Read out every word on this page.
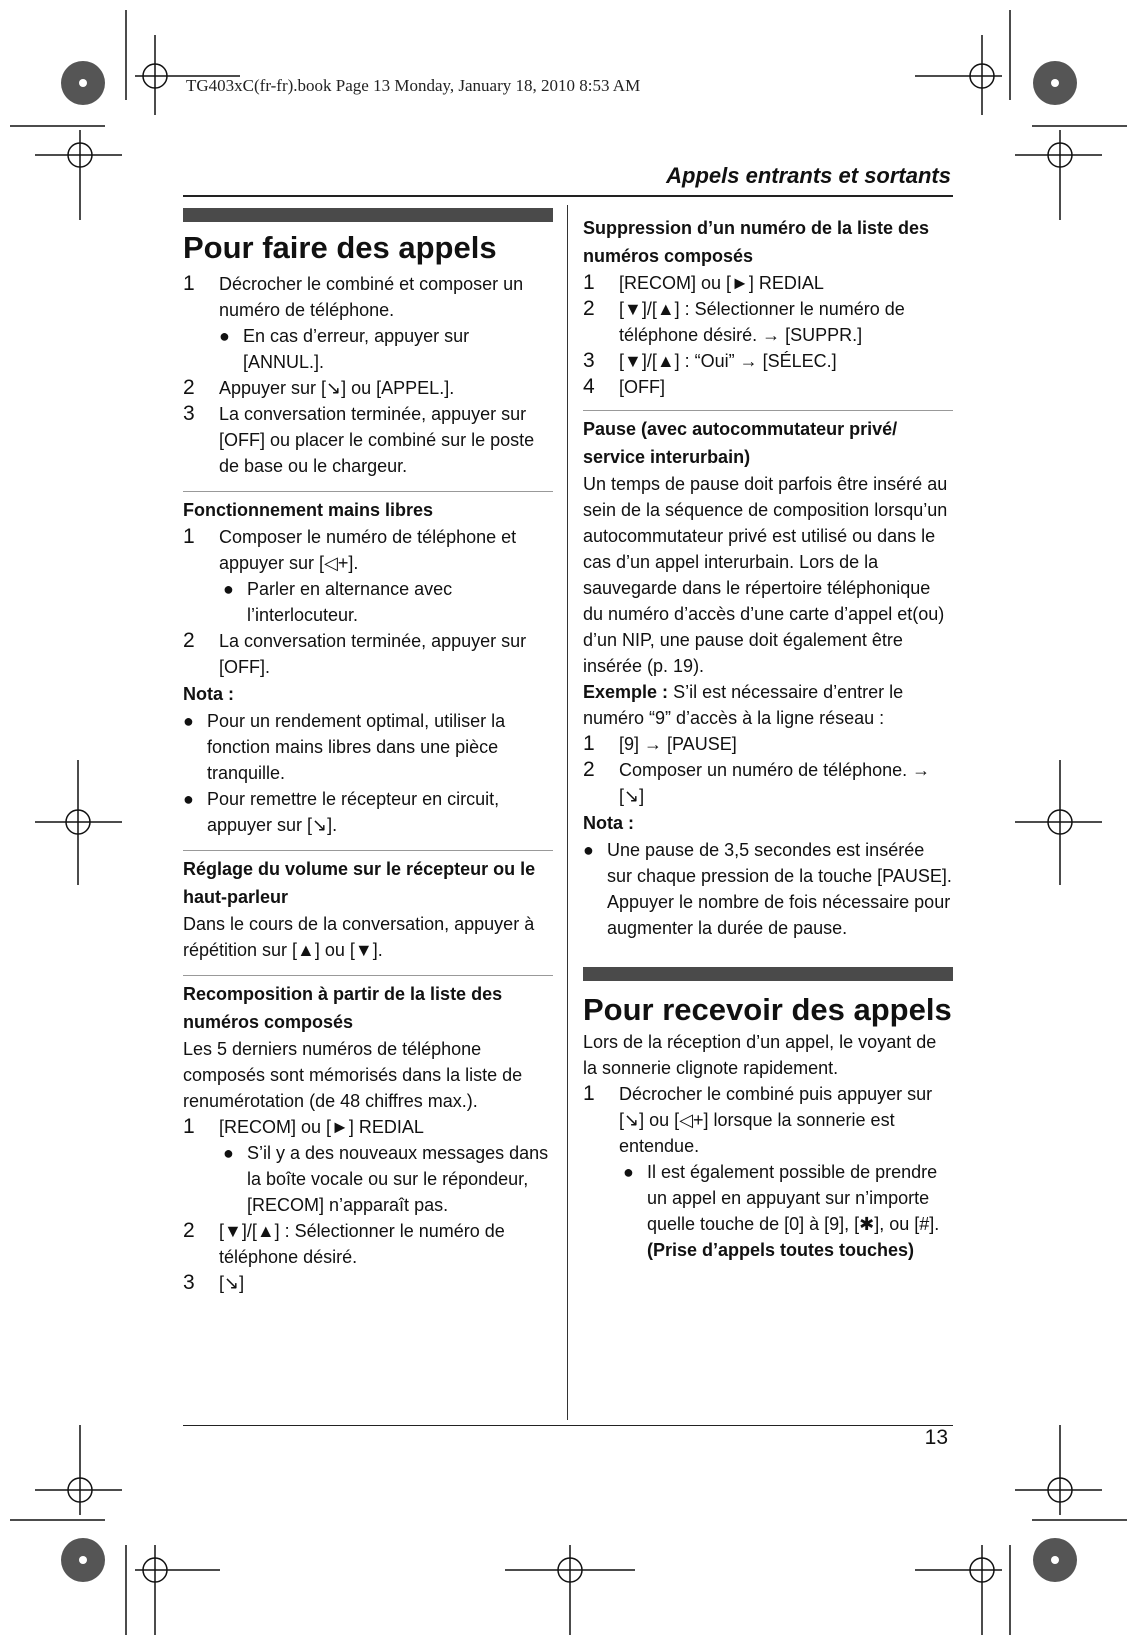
TG403xC(fr-fr).book Page 13 Monday, January 18, 2010 8:53 AM
Appels entrants et sortants
13
Pour faire des appels
1	Décrocher le combiné et composer un numéro de téléphone.
● En cas d’erreur, appuyer sur [ANNUL.].
2	Appuyer sur [↘] ou [APPEL.].
3	La conversation terminée, appuyer sur [OFF] ou placer le combiné sur le poste de base ou le chargeur.
Fonctionnement mains libres
1	Composer le numéro de téléphone et appuyer sur [◁+].
● Parler en alternance avec l’interlocuteur.
2	La conversation terminée, appuyer sur [OFF].
Nota :
● Pour un rendement optimal, utiliser la fonction mains libres dans une pièce tranquille.
● Pour remettre le récepteur en circuit, appuyer sur [↘].
Réglage du volume sur le récepteur ou le haut-parleur

Dans le cours de la conversation, appuyer à répétition sur [▲] ou [▼].

Recomposition à partir de la liste des numéros composés

Les 5 derniers numéros de téléphone composés sont mémorisés dans la liste de renumérotation (de 48 chiffres max.).

1	[RECOM] ou [►] REDIAL
● S’il y a des nouveaux messages dans la boîte vocale ou sur le répondeur, [RECOM] n’apparaît pas.
2	[▼]/[▲] : Sélectionner le numéro de téléphone désiré.
3	[↘]
Suppression d’un numéro de la liste des numéros composés
1	[RECOM] ou [►] REDIAL
2	[▼]/[▲] : Sélectionner le numéro de téléphone désiré. → [SUPPR.]
3	[▼]/[▲] : “Oui” → [SÉLEC.]
4	[OFF]
Pause (avec autocommutateur privé/ service interurbain)

Un temps de pause doit parfois être inséré au sein de la séquence de composition lorsqu’un autocommutateur privé est utilisé ou dans le cas d’un appel interurbain. Lors de la sauvegarde dans le répertoire téléphonique du numéro d’accès d’une carte d’appel et(ou) d’un NIP, une pause doit également être insérée (p. 19).

Exemple : S’il est nécessaire d’entrer le numéro “9” d’accès à la ligne réseau :

1	[9] → [PAUSE]
2	Composer un numéro de téléphone. → [↘]
Nota :
● Une pause de 3,5 secondes est insérée sur chaque pression de la touche [PAUSE]. Appuyer le nombre de fois nécessaire pour augmenter la durée de pause.
Pour recevoir des appels

Lors de la réception d’un appel, le voyant de la sonnerie clignote rapidement.

1	Décrocher le combiné puis appuyer sur [↘] ou [◁+] lorsque la sonnerie est entendue.
● Il est également possible de prendre un appel en appuyant sur n’importe quelle touche de [0] à [9], [✱], ou [#]. (Prise d’appels toutes touches)
